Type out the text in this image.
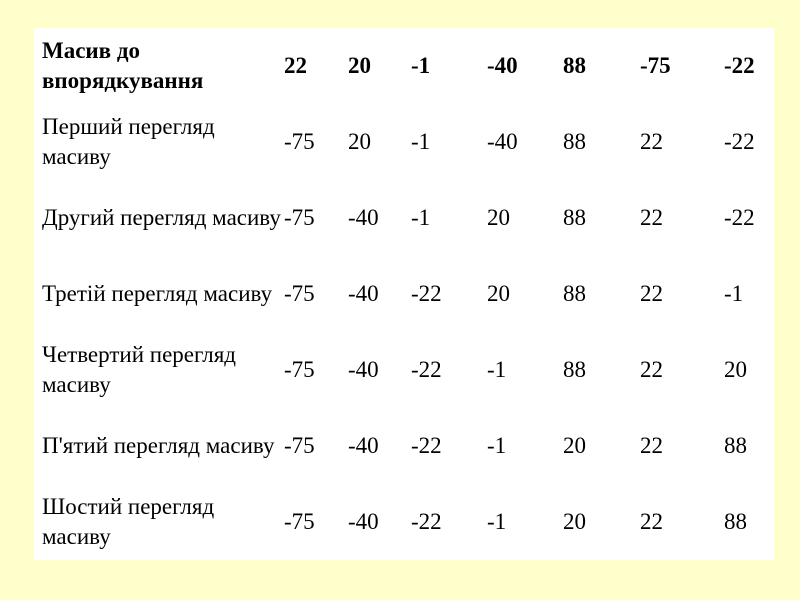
Масив до впорядкування	22	20	-1	-40	88	-75	-22
Перший перегляд масиву	-75	20	-1	-40	88	22	-22
Другий перегляд масиву	-75	-40	-1	20	88	22	-22
Третій перегляд масиву	-75	-40	-22	20	88	22	-1
Четвертий перегляд масиву	-75	-40	-22	-1	88	22	20
П'ятий перегляд масиву	-75	-40	-22	-1	20	22	88
Шостий перегляд масиву	-75	-40	-22	-1	20	22	88
